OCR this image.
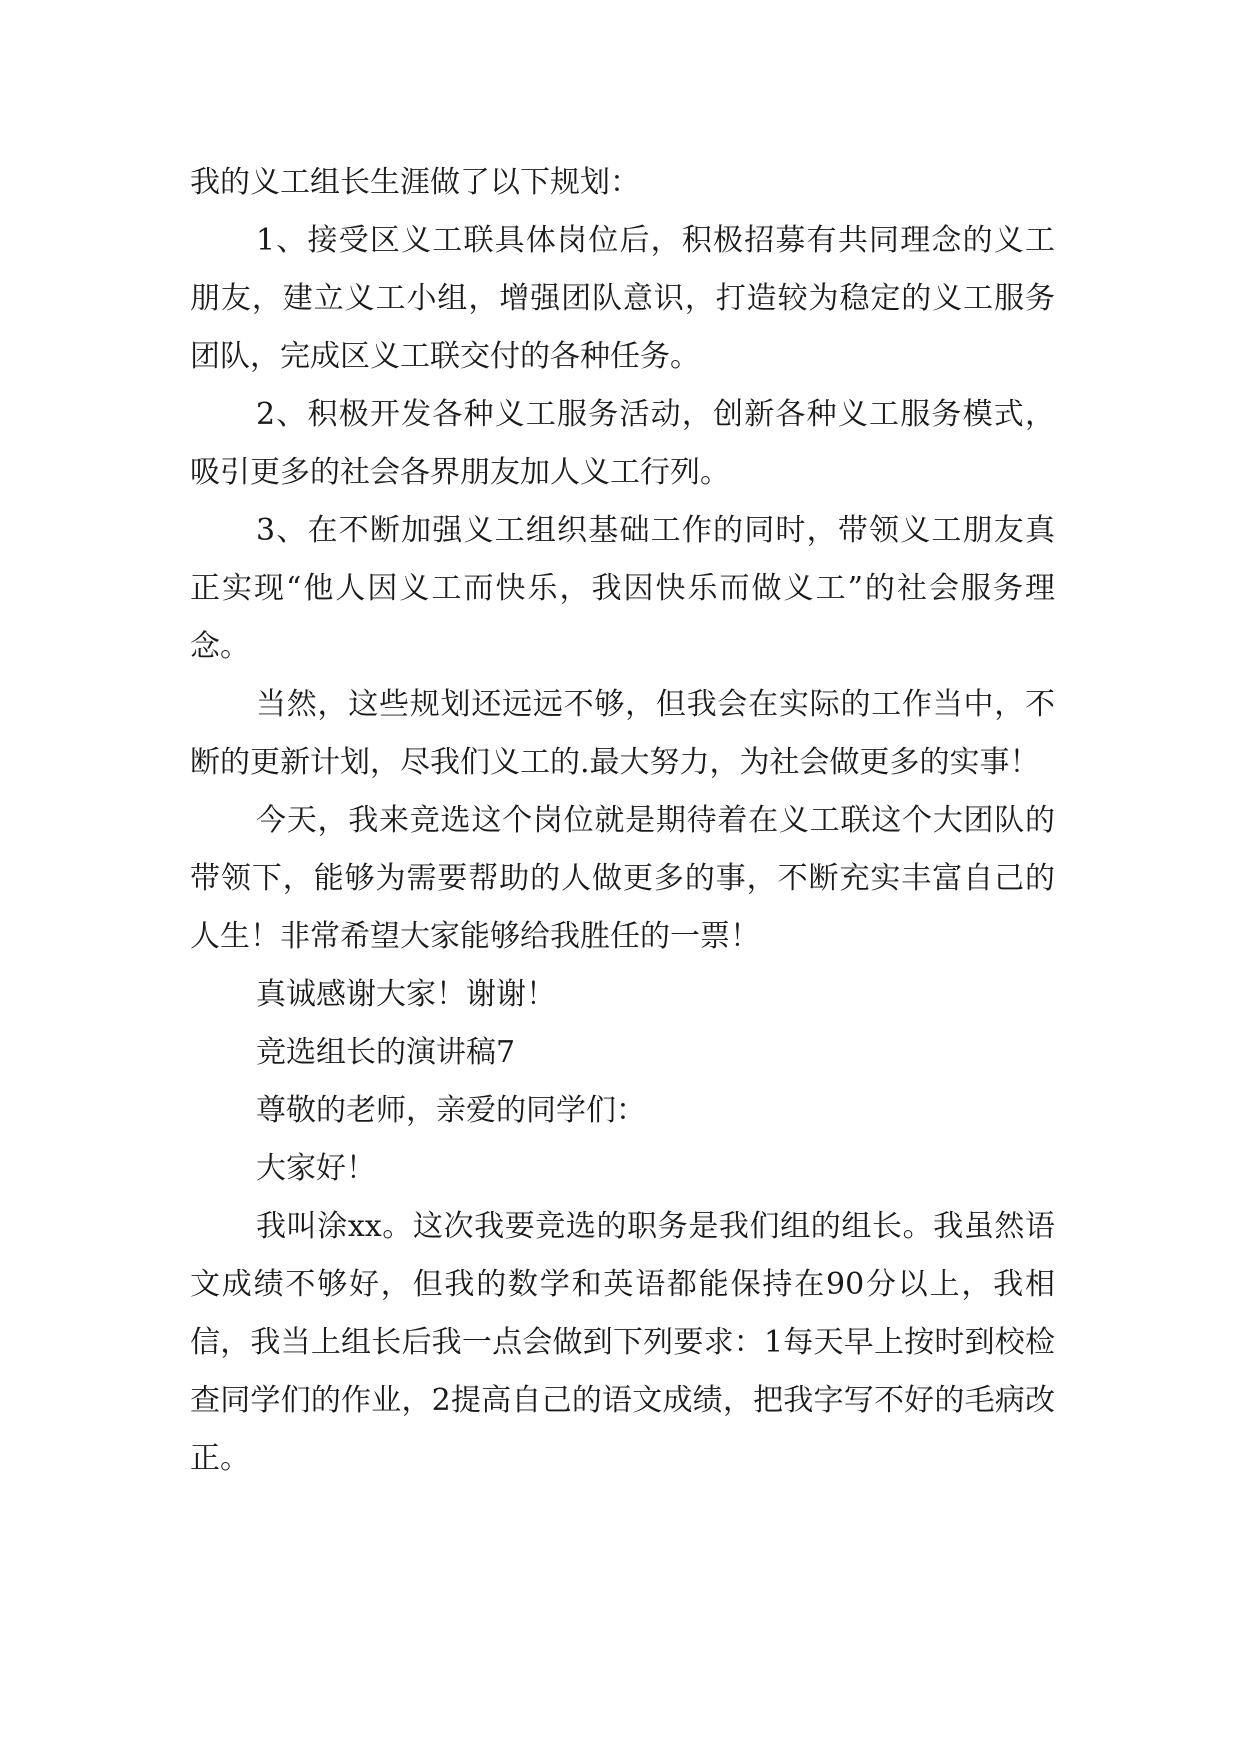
我的义工组长生涯做了以下规划：

1、接受区义工联具体岗位后，积极招募有共同理念的义工朋友，建立义工小组，增强团队意识，打造较为稳定的义工服务团队，完成区义工联交付的各种任务。

2、积极开发各种义工服务活动，创新各种义工服务模式，吸引更多的社会各界朋友加人义工行列。

3、在不断加强义工组织基础工作的同时，带领义工朋友真正实现“他人因义工而快乐，我因快乐而做义工”的社会服务理念。

当然，这些规划还远远不够，但我会在实际的工作当中，不断的更新计划，尽我们义工的.最大努力，为社会做更多的实事！

今天，我来竞选这个岗位就是期待着在义工联这个大团队的带领下，能够为需要帮助的人做更多的事，不断充实丰富自己的人生！非常希望大家能够给我胜任的一票！

真诚感谢大家！谢谢！

竞选组长的演讲稿7

尊敬的老师，亲爱的同学们：

大家好！

我叫涂xx。这次我要竞选的职务是我们组的组长。我虽然语文成绩不够好，但我的数学和英语都能保持在90分以上，我相信，我当上组长后我一点会做到下列要求：1每天早上按时到校检查同学们的作业，2提高自己的语文成绩，把我字写不好的毛病改正。
